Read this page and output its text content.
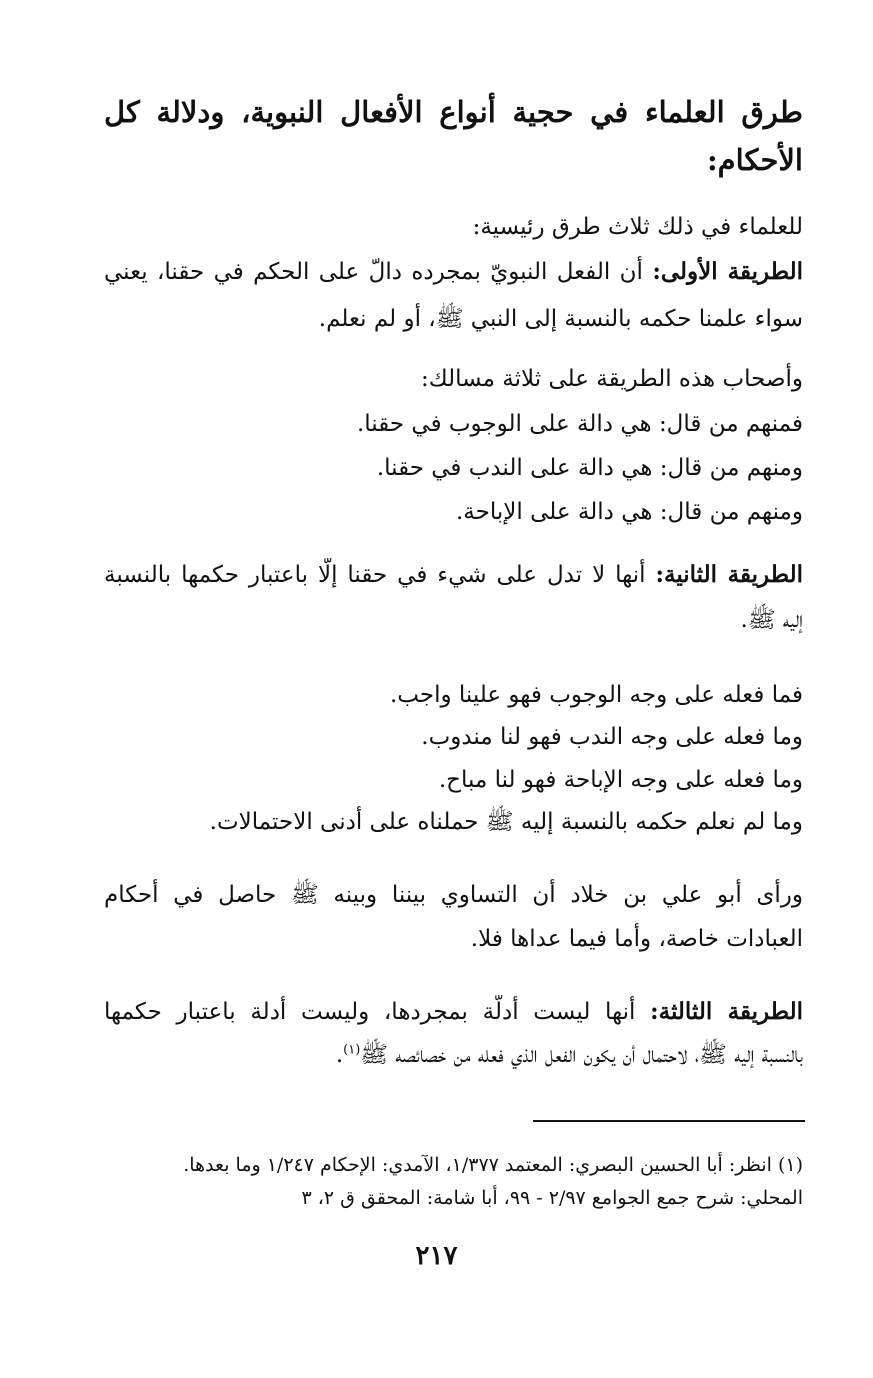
طرق العلماء في حجية أنواع الأفعال النبوية، ودلالة كل
الأحكام:
للعلماء في ذلك ثلاث طرق رئيسية:
الطريقة الأولى: أن الفعل النبويّ بمجرده دالّ على الحكم في حقنا، يعني
سواء علمنا حكمه بالنسبة إلى النبي ﷺ، أو لم نعلم.
وأصحاب هذه الطريقة على ثلاثة مسالك:
فمنهم من قال: هي دالة على الوجوب في حقنا.
ومنهم من قال: هي دالة على الندب في حقنا.
ومنهم من قال: هي دالة على الإباحة.
الطريقة الثانية: أنها لا تدل على شيء في حقنا إلّا باعتبار حكمها بالنسبة
إليه ﷺ.
فما فعله على وجه الوجوب فهو علينا واجب.
وما فعله على وجه الندب فهو لنا مندوب.
وما فعله على وجه الإباحة فهو لنا مباح.
وما لم نعلم حكمه بالنسبة إليه ﷺ حملناه على أدنى الاحتمالات.
ورأى أبو علي بن خلاد أن التساوي بيننا وبينه ﷺ حاصل في أحكام
العبادات خاصة، وأما فيما عداها فلا.
الطريقة الثالثة: أنها ليست أدلّة بمجردها، وليست أدلة باعتبار حكمها
بالنسبة إليه ﷺ، لاحتمال أن يكون الفعل الذي فعله من خصائصه ﷺ$^{(١)}$.
(١) انظر: أبا الحسين البصري: المعتمد ١/٣٧٧، الآمدي: الإحكام ١/٢٤٧ وما بعدها.
المحلي: شرح جمع الجوامع ٢/٩٧ - ٩٩، أبا شامة: المحقق ق ٢، ٣
٢١٧
